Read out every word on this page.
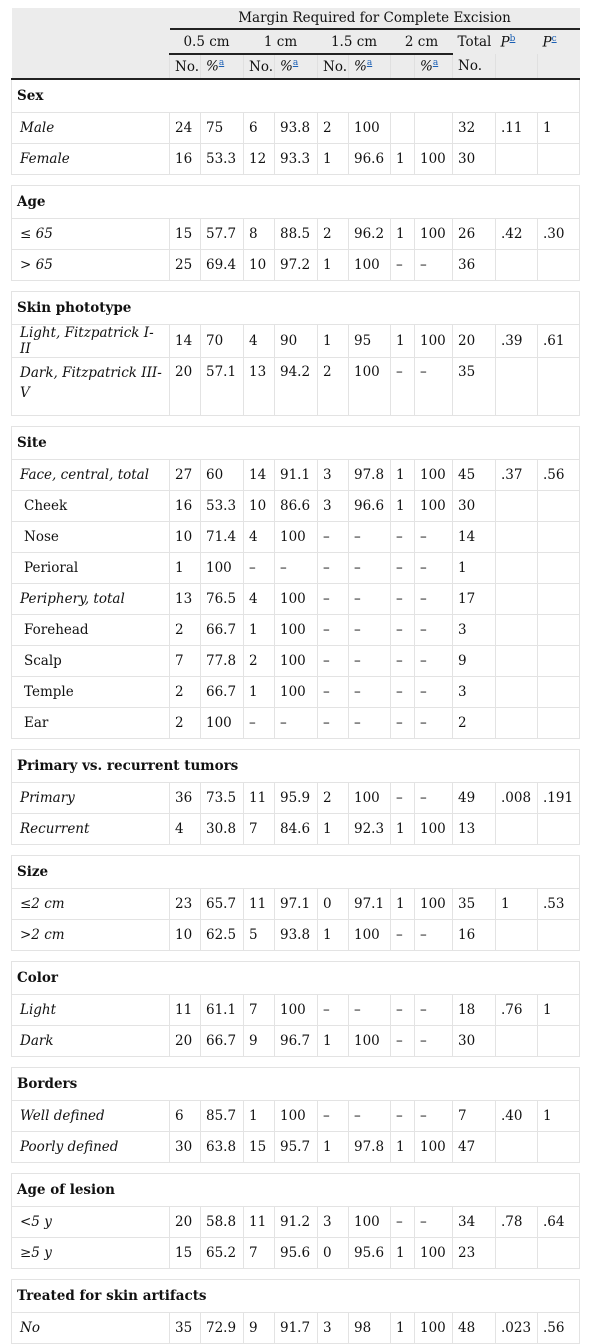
	Margin Required for Complete Excision										
	0.5 cm		1 cm		1.5 cm		2 cm		Total	$P^b$	$P^c$
	No.	%$^a$	No.	%$^a$	No.	%$^a$		%$^a$	No.		
Sex											
Male	24	75	6	93.8	2	100			32	.11	1
Female	16	53.3	12	93.3	1	96.6	1	100	30		

Age											
≤ 65	15	57.7	8	88.5	2	96.2	1	100	26	.42	.30
> 65	25	69.4	10	97.2	1	100	–	–	36		

Skin phototype											
Light, Fitzpatrick I-II	14	70	4	90	1	95	1	100	20	.39	.61
Dark, Fitzpatrick III-V	20	57.1	13	94.2	2	100	–	–	35		

Site											
Face, central, total	27	60	14	91.1	3	97.8	1	100	45	.37	.56
Cheek	16	53.3	10	86.6	3	96.6	1	100	30		
Nose	10	71.4	4	100	–	–	–	–	14		
Perioral	1	100	–	–	–	–	–	–	1		
Periphery, total	13	76.5	4	100	–	–	–	–	17		
Forehead	2	66.7	1	100	–	–	–	–	3		
Scalp	7	77.8	2	100	–	–	–	–	9		
Temple	2	66.7	1	100	–	–	–	–	3		
Ear	2	100	–	–	–	–	–	–	2		

Primary vs. recurrent tumors											
Primary	36	73.5	11	95.9	2	100	–	–	49	.008	.191
Recurrent	4	30.8	7	84.6	1	92.3	1	100	13		

Size											
≤2 cm	23	65.7	11	97.1	0	97.1	1	100	35	1	.53
>2 cm	10	62.5	5	93.8	1	100	–	–	16		

Color											
Light	11	61.1	7	100	–	–	–	–	18	.76	1
Dark	20	66.7	9	96.7	1	100	–	–	30		

Borders											
Well defined	6	85.7	1	100	–	–	–	–	7	.40	1
Poorly defined	30	63.8	15	95.7	1	97.8	1	100	47		

Age of lesion											
<5 y	20	58.8	11	91.2	3	100	–	–	34	.78	.64
≥5 y	15	65.2	7	95.6	0	95.6	1	100	23		

Treated for skin artifacts											
No	35	72.9	9	91.7	3	98	1	100	48	.023	.56
